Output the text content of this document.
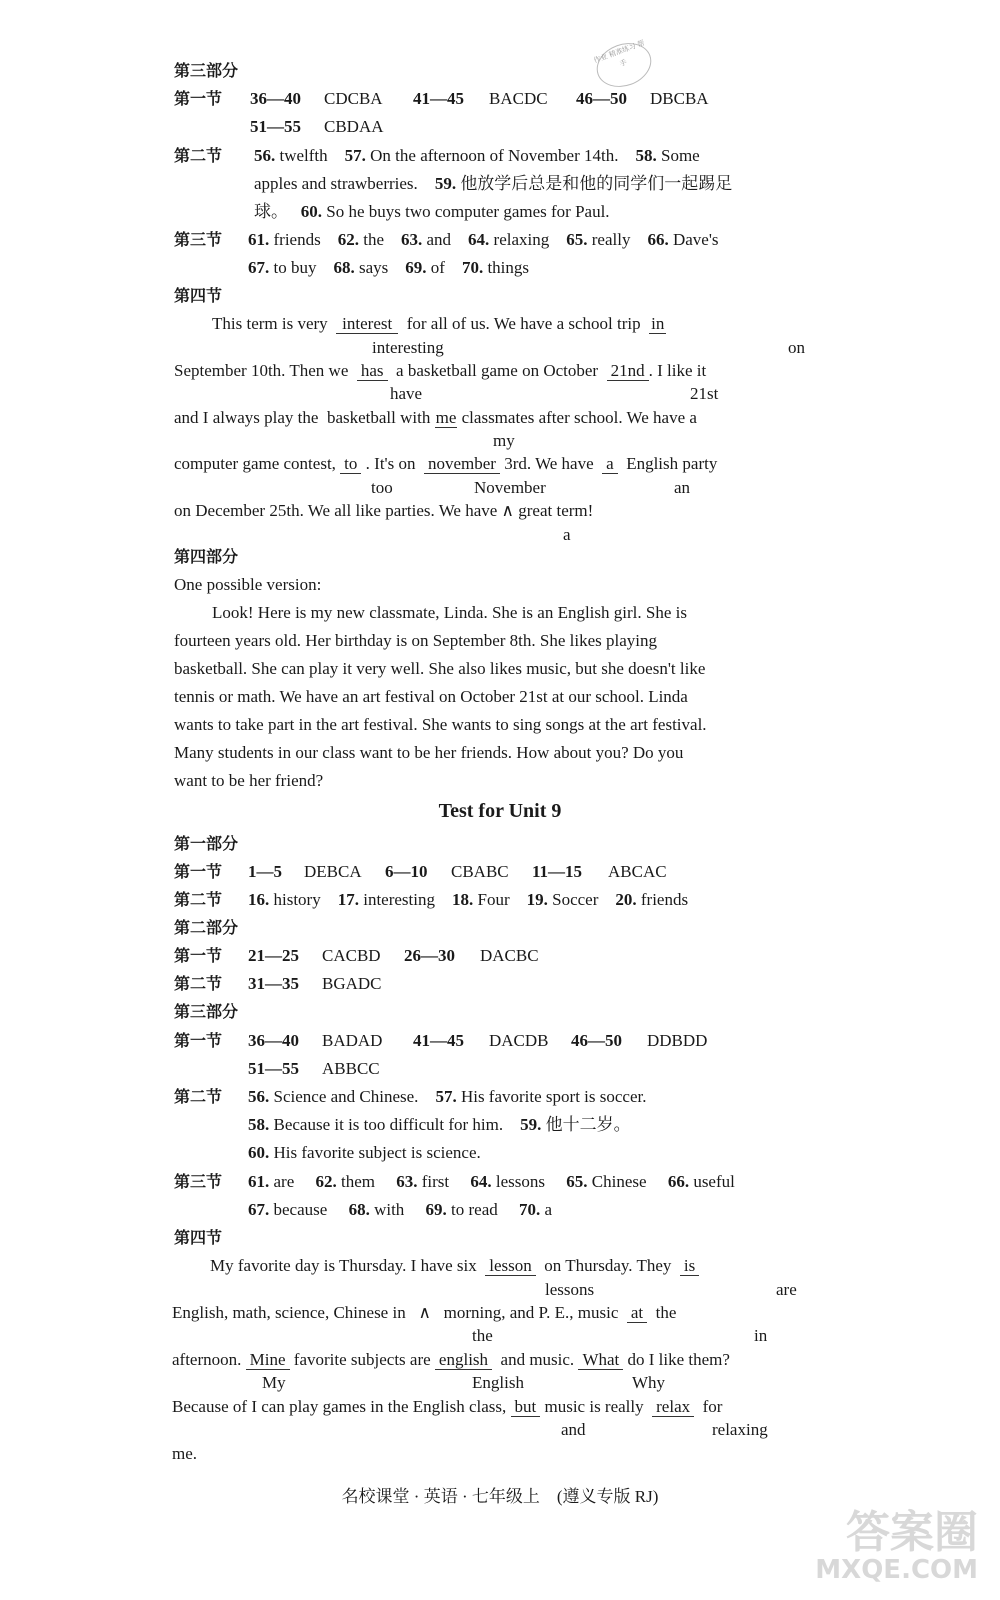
作业 精准练习 帮手
第三部分
第一节 36—40 CDCBA 41—45 BACDC 46—50 DBCBA
51—55 CBDAA
第二节 56. twelfth 57. On the afternoon of November 14th. 58. Some
apples and strawberries. 59. 他放学后总是和他的同学们一起踢足
球。 60. So he buys two computer games for Paul.
第三节 61. friends 62. the 63. and 64. relaxing 65. really 66. Dave's
67. to buy 68. says 69. of 70. things
第四节
This term is very interest for all of us. We have a school trip in
interesting	on
September 10th. Then we has a basketball game on October 21nd . I like it
have	21st
and I always play the basketball with me classmates after school. We have a
my
computer game contest, to . It's on november 3rd. We have a English party
too	November	an
on December 25th. We all like parties. We have ∧ great term!
a
第四部分
One possible version:
Look! Here is my new classmate, Linda. She is an English girl. She is
fourteen years old. Her birthday is on September 8th. She likes playing
basketball. She can play it very well. She also likes music, but she doesn't like
tennis or math. We have an art festival on October 21st at our school. Linda
wants to take part in the art festival. She wants to sing songs at the art festival.
Many students in our class want to be her friends. How about you? Do you
want to be her friend?
Test for Unit 9
第一部分
第一节 1—5 DEBCA 6—10 CBABC 11—15 ABCAC
第二节 16. history 17. interesting 18. Four 19. Soccer 20. friends
第二部分
第一节 21—25 CACBD 26—30 DACBC
第二节 31—35 BGADC
第三部分
第一节 36—40 BADAD 41—45 DACDB 46—50 DDBDD
51—55 ABBCC
第二节 56. Science and Chinese. 57. His favorite sport is soccer.
58. Because it is too difficult for him. 59. 他十二岁。
60. His favorite subject is science.
第三节 61. are 62. them 63. first 64. lessons 65. Chinese 66. useful
67. because 68. with 69. to read 70. a
第四节
My favorite day is Thursday. I have six lesson on Thursday. They is
lessons	are
English, math, science, Chinese in ∧ morning, and P. E., music at the
the	in
afternoon. Mine favorite subjects are english and music. What do I like them?
My	English	Why
Because of I can play games in the English class, but music is really relax for
and	relaxing
me.
名校课堂 · 英语 · 七年级上　(遵义专版 RJ)
答案圈
MXQE.COM
